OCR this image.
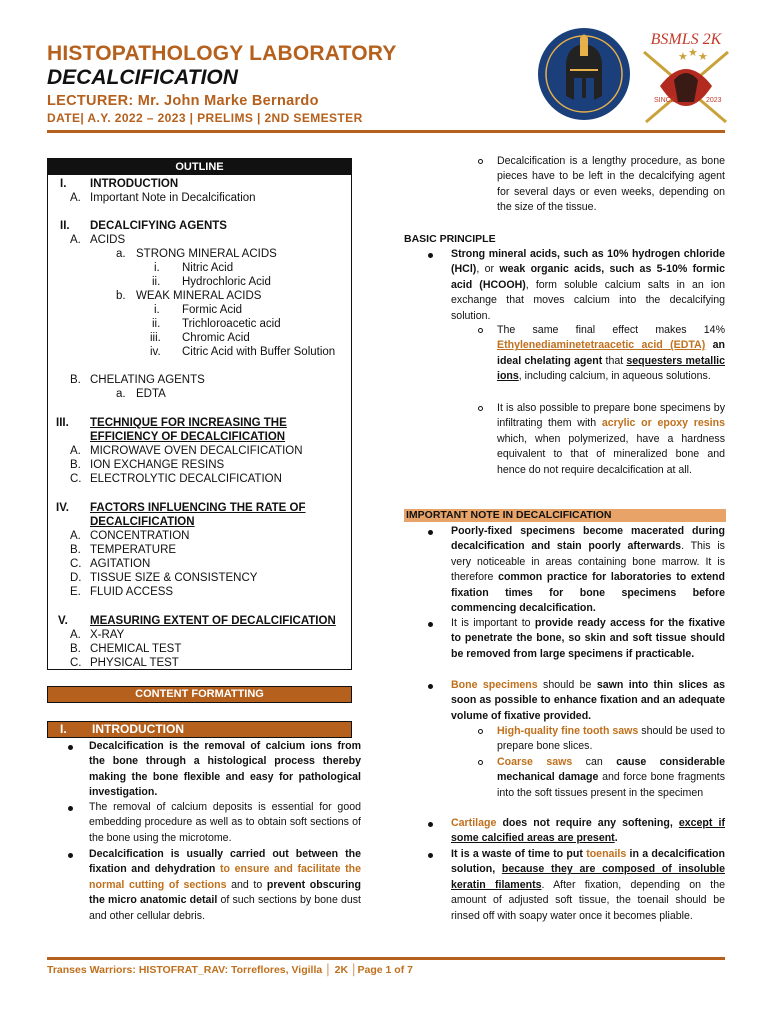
HISTOPATHOLOGY LABORATORY
DECALCIFICATION
LECTURER: Mr. John Marke Bernardo
DATE| A.Y. 2022 – 2023 | PRELIMS | 2ND SEMESTER
BSMLS 2K
★ ★ ★
SINCE	2023
OUTLINE
I. INTRODUCTION
A. Important Note in Decalcification
II. DECALCIFYING AGENTS
A. ACIDS
a. STRONG MINERAL ACIDS
i. Nitric Acid
ii. Hydrochloric Acid
b. WEAK MINERAL ACIDS
i. Formic Acid
ii. Trichloroacetic acid
iii. Chromic Acid
iv. Citric Acid with Buffer Solution
B. CHELATING AGENTS
a. EDTA
III. TECHNIQUE FOR INCREASING THE
EFFICIENCY OF DECALCIFICATION
A. MICROWAVE OVEN DECALCIFICATION
B. ION EXCHANGE RESINS
C. ELECTROLYTIC DECALCIFICATION
IV. FACTORS INFLUENCING THE RATE OF
DECALCIFICATION
A. CONCENTRATION
B. TEMPERATURE
C. AGITATION
D. TISSUE SIZE & CONSISTENCY
E. FLUID ACCESS
V. MEASURING EXTENT OF DECALCIFICATION
A. X-RAY
B. CHEMICAL TEST
C. PHYSICAL TEST
CONTENT FORMATTING
I. INTRODUCTION
Decalcification is the removal of calcium ions from the bone through a histological process thereby making the bone flexible and easy for pathological investigation.
The removal of calcium deposits is essential for good embedding procedure as well as to obtain soft sections of the bone using the microtome.
Decalcification is usually carried out between the fixation and dehydration to ensure and facilitate the normal cutting of sections and to prevent obscuring the micro anatomic detail of such sections by bone dust and other cellular debris.
Decalcification is a lengthy procedure, as bone pieces have to be left in the decalcifying agent for several days or even weeks, depending on the size of the tissue.
BASIC PRINCIPLE
Strong mineral acids, such as 10% hydrogen chloride (HCl), or weak organic acids, such as 5-10% formic acid (HCOOH), form soluble calcium salts in an ion exchange that moves calcium into the decalcifying solution.
The same final effect makes 14% Ethylenediaminetetraacetic acid (EDTA) an ideal chelating agent that sequesters metallic ions, including calcium, in aqueous solutions.
It is also possible to prepare bone specimens by infiltrating them with acrylic or epoxy resins which, when polymerized, have a hardness equivalent to that of mineralized bone and hence do not require decalcification at all.
IMPORTANT NOTE IN DECALCIFICATION
Poorly-fixed specimens become macerated during decalcification and stain poorly afterwards. This is very noticeable in areas containing bone marrow. It is therefore common practice for laboratories to extend fixation times for bone specimens before commencing decalcification.
It is important to provide ready access for the fixative to penetrate the bone, so skin and soft tissue should be removed from large specimens if practicable.
Bone specimens should be sawn into thin slices as soon as possible to enhance fixation and an adequate volume of fixative provided.
High-quality fine tooth saws should be used to prepare bone slices.
Coarse saws can cause considerable mechanical damage and force bone fragments into the soft tissues present in the specimen
Cartilage does not require any softening, except if some calcified areas are present.
It is a waste of time to put toenails in a decalcification solution, because they are composed of insoluble keratin filaments. After fixation, depending on the amount of adjusted soft tissue, the toenail should be rinsed off with soapy water once it becomes pliable.
Transes Warriors: HISTOFRAT_RAV: Torreflores, Vigilla │ 2K │Page 1 of 7
